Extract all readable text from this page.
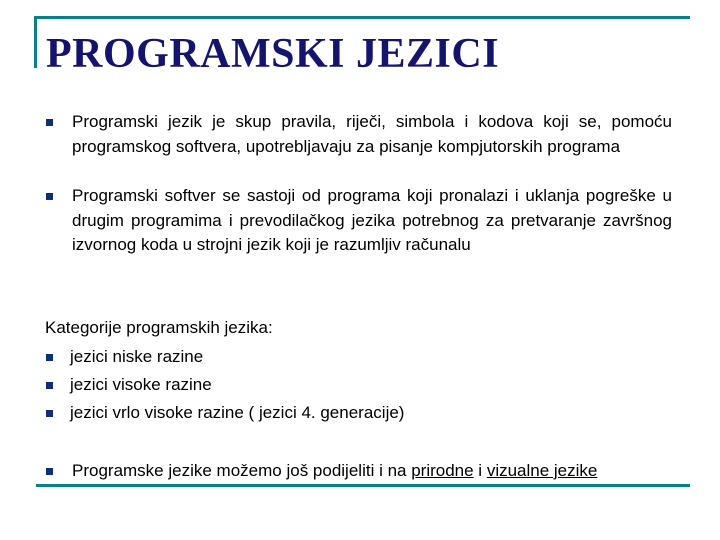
PROGRAMSKI JEZICI
Programski jezik je skup pravila, riječi, simbola i kodova koji se, pomoću programskog softvera, upotrebljavaju za pisanje kompjutorskih programa
Programski softver se sastoji od programa koji pronalazi i uklanja pogreške u drugim programima i prevodilačkog jezika potrebnog za pretvaranje završnog izvornog koda u strojni jezik koji je razumljiv računalu
Kategorije programskih jezika:
jezici niske razine
jezici visoke razine
jezici vrlo visoke razine ( jezici 4. generacije)
Programske jezike možemo još podijeliti i na prirodne i vizualne jezike
